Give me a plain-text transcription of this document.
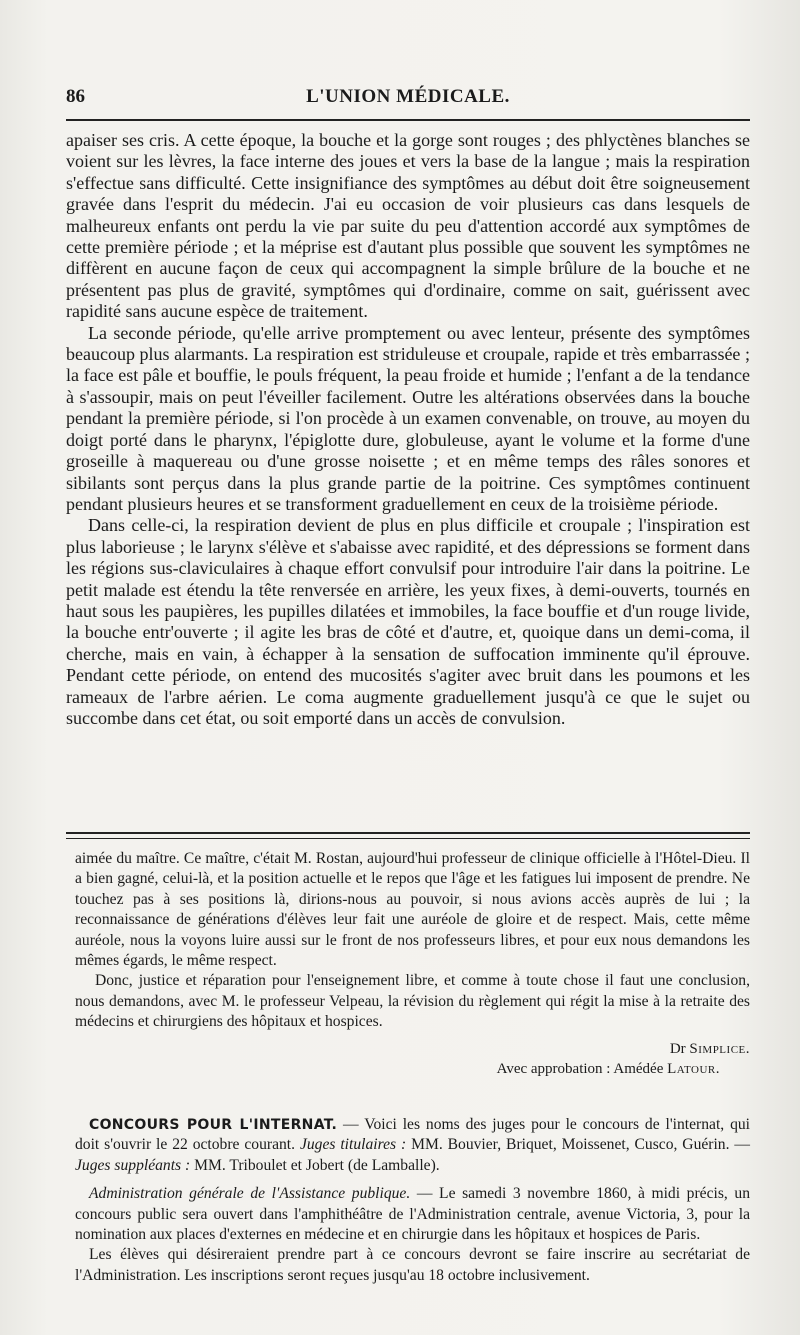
86	L'UNION MÉDICALE.

apaiser ses cris. A cette époque, la bouche et la gorge sont rouges ; des phlyctènes blanches se voient sur les lèvres, la face interne des joues et vers la base de la langue ; mais la respiration s'effectue sans difficulté. Cette insignifiance des symptômes au début doit être soigneusement gravée dans l'esprit du médecin. J'ai eu occasion de voir plusieurs cas dans lesquels de malheureux enfants ont perdu la vie par suite du peu d'attention accordé aux symptômes de cette première période ; et la méprise est d'autant plus possible que souvent les symptômes ne diffèrent en aucune façon de ceux qui accompagnent la simple brûlure de la bouche et ne présentent pas plus de gravité, symptômes qui d'ordinaire, comme on sait, guérissent avec rapidité sans aucune espèce de traitement.

La seconde période, qu'elle arrive promptement ou avec lenteur, présente des symptômes beaucoup plus alarmants. La respiration est striduleuse et croupale, rapide et très embarrassée ; la face est pâle et bouffie, le pouls fréquent, la peau froide et humide ; l'enfant a de la tendance à s'assoupir, mais on peut l'éveiller facilement. Outre les altérations observées dans la bouche pendant la première période, si l'on procède à un examen convenable, on trouve, au moyen du doigt porté dans le pharynx, l'épiglotte dure, globuleuse, ayant le volume et la forme d'une groseille à maquereau ou d'une grosse noisette ; et en même temps des râles sonores et sibilants sont perçus dans la plus grande partie de la poitrine. Ces symptômes continuent pendant plusieurs heures et se transforment graduellement en ceux de la troisième période.

Dans celle-ci, la respiration devient de plus en plus difficile et croupale ; l'inspiration est plus laborieuse ; le larynx s'élève et s'abaisse avec rapidité, et des dépressions se forment dans les régions sus-claviculaires à chaque effort convulsif pour introduire l'air dans la poitrine. Le petit malade est étendu la tête renversée en arrière, les yeux fixes, à demi-ouverts, tournés en haut sous les paupières, les pupilles dilatées et immobiles, la face bouffie et d'un rouge livide, la bouche entr'ouverte ; il agite les bras de côté et d'autre, et, quoique dans un demi-coma, il cherche, mais en vain, à échapper à la sensation de suffocation imminente qu'il éprouve. Pendant cette période, on entend des mucosités s'agiter avec bruit dans les poumons et les rameaux de l'arbre aérien. Le coma augmente graduellement jusqu'à ce que le sujet ou succombe dans cet état, ou soit emporté dans un accès de convulsion.

aimée du maître. Ce maître, c'était M. Rostan, aujourd'hui professeur de clinique officielle à l'Hôtel-Dieu. Il a bien gagné, celui-là, et la position actuelle et le repos que l'âge et les fatigues lui imposent de prendre. Ne touchez pas à ses positions là, dirions-nous au pouvoir, si nous avions accès auprès de lui ; la reconnaissance de générations d'élèves leur fait une auréole de gloire et de respect. Mais, cette même auréole, nous la voyons luire aussi sur le front de nos professeurs libres, et pour eux nous demandons les mêmes égards, le même respect.

Donc, justice et réparation pour l'enseignement libre, et comme à toute chose il faut une conclusion, nous demandons, avec M. le professeur Velpeau, la révision du règlement qui régit la mise à la retraite des médecins et chirurgiens des hôpitaux et hospices.

Dr Simplice.
Avec approbation : Amédée Latour.

CONCOURS POUR L'INTERNAT. — Voici les noms des juges pour le concours de l'internat, qui doit s'ouvrir le 22 octobre courant. Juges titulaires : MM. Bouvier, Briquet, Moissenet, Cusco, Guérin. — Juges suppléants : MM. Triboulet et Jobert (de Lamballe).

Administration générale de l'Assistance publique. — Le samedi 3 novembre 1860, à midi précis, un concours public sera ouvert dans l'amphithéâtre de l'Administration centrale, avenue Victoria, 3, pour la nomination aux places d'externes en médecine et en chirurgie dans les hôpitaux et hospices de Paris.

Les élèves qui désireraient prendre part à ce concours devront se faire inscrire au secrétariat de l'Administration. Les inscriptions seront reçues jusqu'au 18 octobre inclusivement.
